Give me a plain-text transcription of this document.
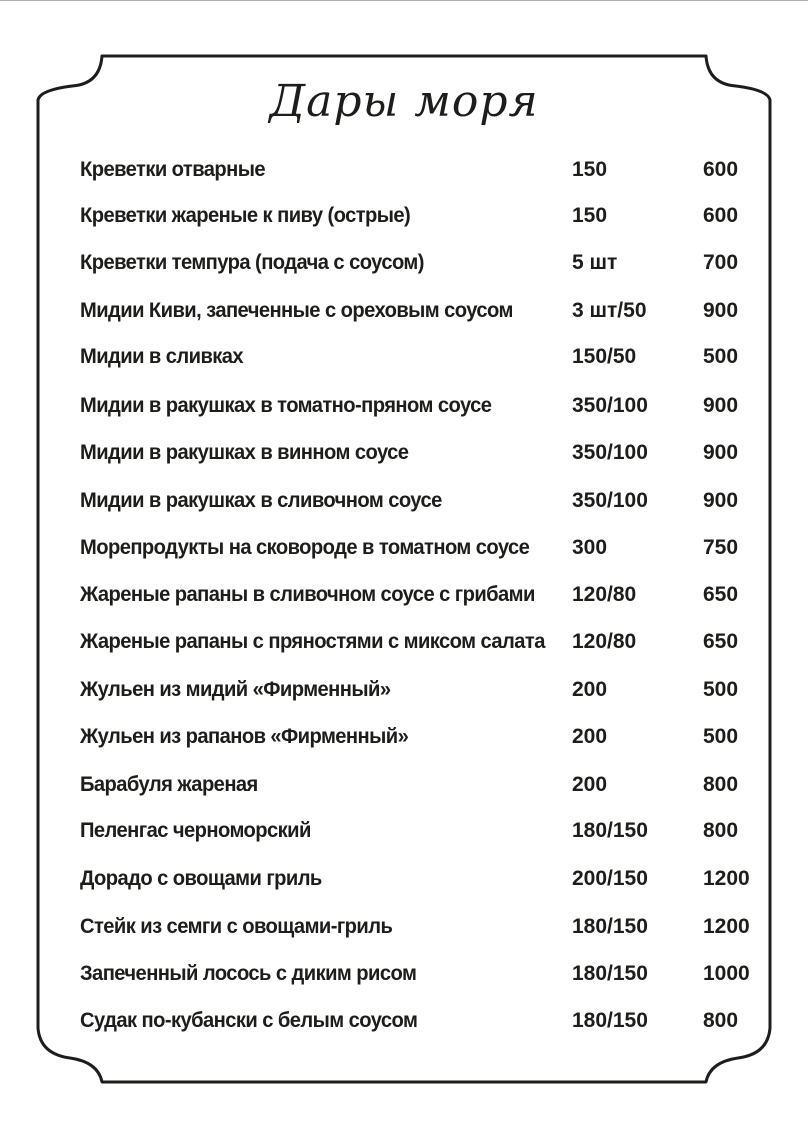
Дары моря
Креветки отварные	150	600
Креветки жареные к пиву (острые)	150	600
Креветки темпура (подача с соусом)	5 шт	700
Мидии Киви, запеченные с ореховым соусом	3 шт/50	900
Мидии в сливках	150/50	500
Мидии в ракушках в томатно-пряном соусе	350/100	900
Мидии в ракушках в винном соусе	350/100	900
Мидии в ракушках в сливочном соусе	350/100	900
Морепродукты на сковороде в томатном соусе 300	750
Жареные рапаны в сливочном соусе с грибами 120/80	650
Жареные рапаны с пряностями с миксом салата 120/80	650
Жульен из мидий «Фирменный»	200	500
Жульен из рапанов «Фирменный»	200	500
Барабуля жареная	200	800
Пеленгас черноморский	180/150	800
Дорадо с овощами гриль	200/150	1200
Стейк из семги с овощами-гриль	180/150	1200
Запеченный лосось с диким рисом	180/150	1000
Судак по-кубански с белым соусом	180/150	800
